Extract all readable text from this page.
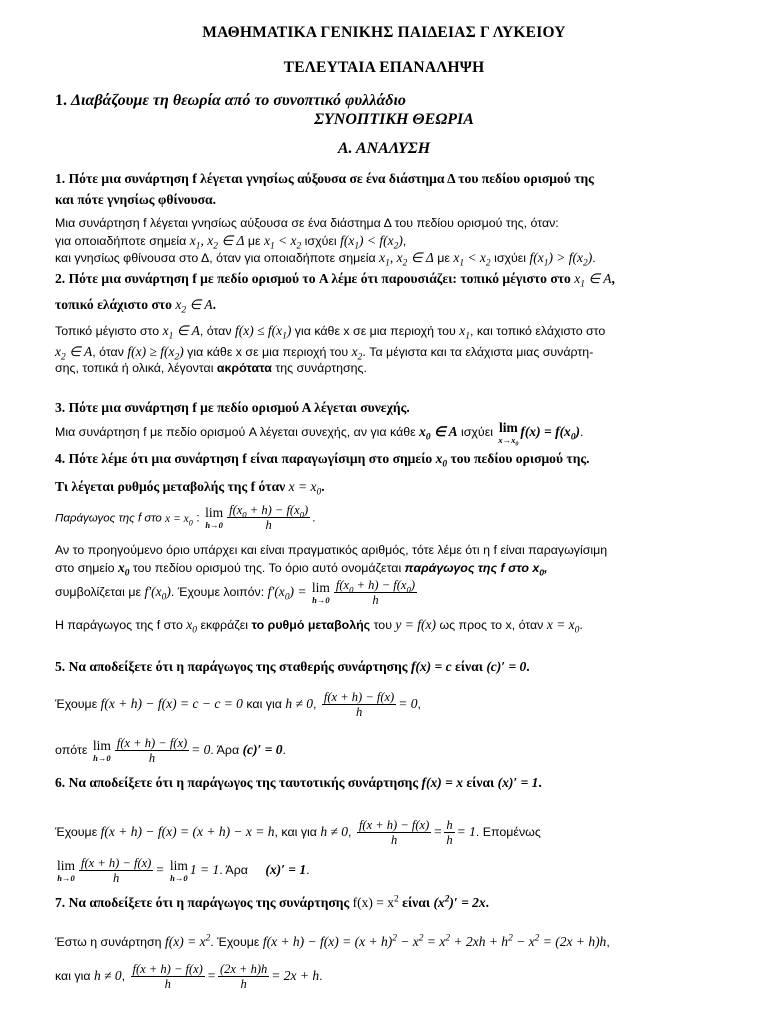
ΜΑΘΗΜΑΤΙΚΑ ΓΕΝΙΚΗΣ ΠΑΙΔΕΙΑΣ Γ ΛΥΚΕΙΟΥ
ΤΕΛΕΥΤΑΙΑ ΕΠΑΝΑΛΗΨΗ
1. Διαβάζουμε τη θεωρία από το συνοπτικό φυλλάδιο
ΣΥΝΟΠΤΙΚΗ ΘΕΩΡΙΑ
Α. ΑΝΑΛΥΣΗ
1. Πότε μια συνάρτηση f λέγεται γνησίως αύξουσα σε ένα διάστημα Δ του πεδίου ορισμού της
και πότε γνησίως φθίνουσα.
Μια συνάρτηση f λέγεται γνησίως αύξουσα σε ένα διάστημα Δ του πεδίου ορισμού της, όταν:
για οποιαδήποτε σημεία $x_1$, $x_2$ ∈ Δ με $x_1 < x_2$ ισχύει $f(x_1) < f(x_2)$,
και γνησίως φθίνουσα στο Δ, όταν για οποιαδήποτε σημεία $x_1$, $x_2$ ∈ Δ με $x_1 < x_2$ ισχύει $f(x_1) > f(x_2)$.
2. Πότε μια συνάρτηση f με πεδίο ορισμού το A λέμε ότι παρουσιάζει: τοπικό μέγιστο στο $x_1$ ∈ A,
τοπικό ελάχιστο στο $x_2$ ∈ A.
Τοπικό μέγιστο στο $x_1$ ∈ A, όταν $f(x) \le f(x_1)$ για κάθε x σε μια περιοχή του $x_1$, και τοπικό ελάχιστο στο
$x_2$ ∈ A, όταν $f(x) \ge f(x_2)$ για κάθε x σε μια περιοχή του $x_2$. Τα μέγιστα και τα ελάχιστα μιας συνάρτη-
σης, τοπικά ή ολικά, λέγονται ακρότατα της συνάρτησης.
3. Πότε μια συνάρτηση f με πεδίο ορισμού Α λέγεται συνεχής.
Μια συνάρτηση f με πεδίο ορισμού A λέγεται συνεχής, αν για κάθε $x_0$ ∈ A ισχύει lim
$x\to x_0$
$f(x) = f(x_0)$.
4. Πότε λέμε ότι μια συνάρτηση f είναι παραγωγίσιμη στο σημείο $x_0$ του πεδίου ορισμού της.
Τι λέγεται ρυθμός μεταβολής της f όταν $x = x_0$.
Παράγωγος της f στο $x = x_0$ : lim
$h\to 0 \frac{f(x_0 + h) - f(x_0)}{h}$ .
Αν το προηγούμενο όριο υπάρχει και είναι πραγματικός αριθμός, τότε λέμε ότι η f είναι παραγωγίσιμη
στο σημείο $x_0$ του πεδίου ορισμού της. Το όριο αυτό ονομάζεται παράγωγος της f στο $x_0$,
συμβολίζεται με $f'(x_0)$. Έχουμε λοιπόν: $f'(x_0) = \lim$
$h\to 0 \frac{f(x_0 + h) - f(x_0)}{h}$
Η παράγωγος της f στο $x_0$ εκφράζει το ρυθμό μεταβολής του y = f(x) ως προς το x, όταν $x = x_0$.
5. Να αποδείξετε ότι η παράγωγος της σταθερής συνάρτησης f(x) = c είναι (c)′ = 0.
Έχουμε f(x + h) − f(x) = c − c = 0 και για h ≠ 0, $\frac{f(x + h) - f(x)}{h} = 0$,
οπότε lim
$h\to 0 \frac{f(x + h) - f(x)}{h} = 0$. Άρα (c)′ = 0.
6. Να αποδείξετε ότι η παράγωγος της ταυτοτικής συνάρτησης f(x) = x είναι (x)′ = 1.
Έχουμε f(x + h) − f(x) = (x + h) − x = h, και για h ≠ 0, $\frac{f(x + h) - f(x)}{h} = \frac{h}{h} = 1$. Επομένως
lim
$h\to 0 \frac{f(x + h) - f(x)}{h} = \lim$
h→0
1 = 1. Άρα (x)′ = 1.
7. Να αποδείξετε ότι η παράγωγος της συνάρτησης $f(x) = x^2$ είναι $(x^2)' = 2x$.
Έστω η συνάρτηση $f(x) = x^2$. Έχουμε $f(x + h) - f(x) = (x + h)^2 - x^2 = x^2 + 2xh + h^2 - x^2 = (2x + h)h$,
και για h ≠ 0, $\frac{f(x + h) - f(x)}{h} = \frac{(2x + h)h}{h} = 2x + h$.
